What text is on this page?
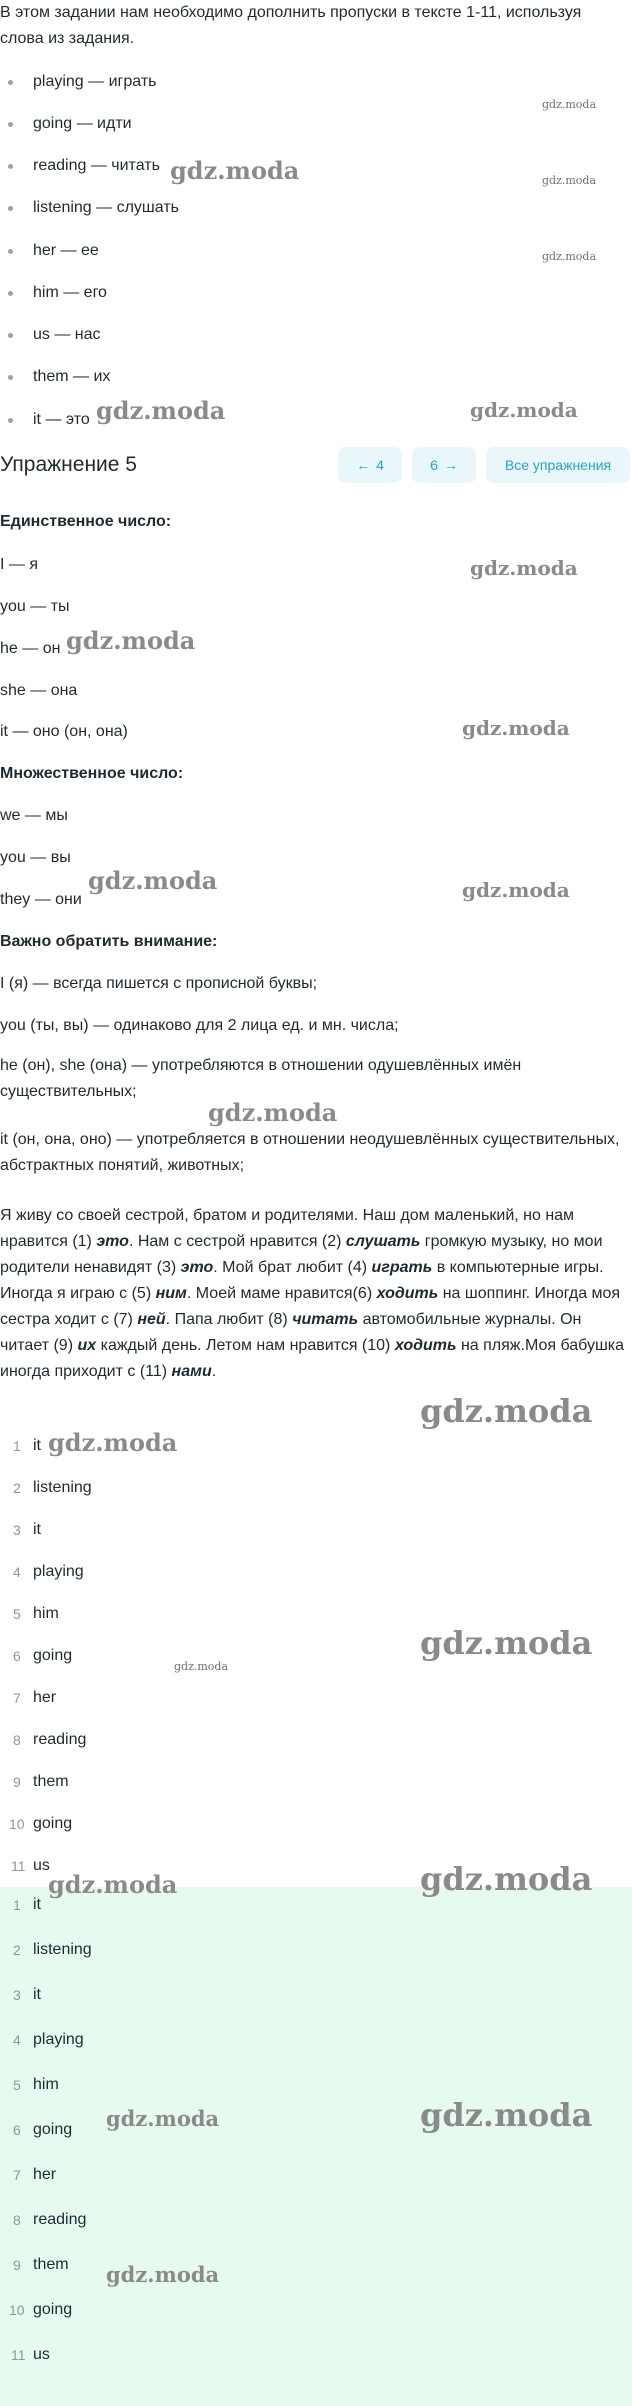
В этом задании нам необходимо дополнить пропуски в тексте 1-11, используя слова из задания.
playing — играть
going — идти
reading — читать
listening — слушать
her — ее
him — его
us — нас
them — их
it — это
Упражнение 5	← 4	6 →	Все упражнения
Единственное число:
I — я
you — ты
he — он
she — она
it — оно (он, она)
Множественное число:
we — мы
you — вы
they — они
Важно обратить внимание:
I (я) — всегда пишется с прописной буквы;
you (ты, вы) — одинаково для 2 лица ед. и мн. числа;
he (он), she (она) — употребляются в отношении одушевлённых имён существительных;
it (он, она, оно) — употребляется в отношении неодушевлённых существительных, абстрактных понятий, животных;
Я живу со своей сестрой, братом и родителями. Наш дом маленький, но нам нравится (1) это. Нам с сестрой нравится (2) слушать громкую музыку, но мои родители ненавидят (3) это. Мой брат любит (4) играть в компьютерные игры. Иногда я играю с (5) ним. Моей маме нравится(6) ходить на шоппинг. Иногда моя сестра ходит с (7) ней. Папа любит (8) читать автомобильные журналы. Он читает (9) их каждый день. Летом нам нравится (10) ходить на пляж.Моя бабушка иногда приходит с (11) нами.
1 it
2 listening
3 it
4 playing
5 him
6 going
7 her
8 reading
9 them
10 going
11 us
1 it
2 listening
3 it
4 playing
5 him
6 going
7 her
8 reading
9 them
10 going
11 us
gdz.moda
gdz.moda	gdz.moda
gdz.moda
gdz.moda	gdz.moda
gdz.moda
gdz.moda
gdz.moda
gdz.moda	gdz.moda
gdz.moda
gdz.moda
gdz.moda
gdz.moda
gdz.moda
gdz.moda
gdz.moda
gdz.moda	gdz.moda
gdz.moda
